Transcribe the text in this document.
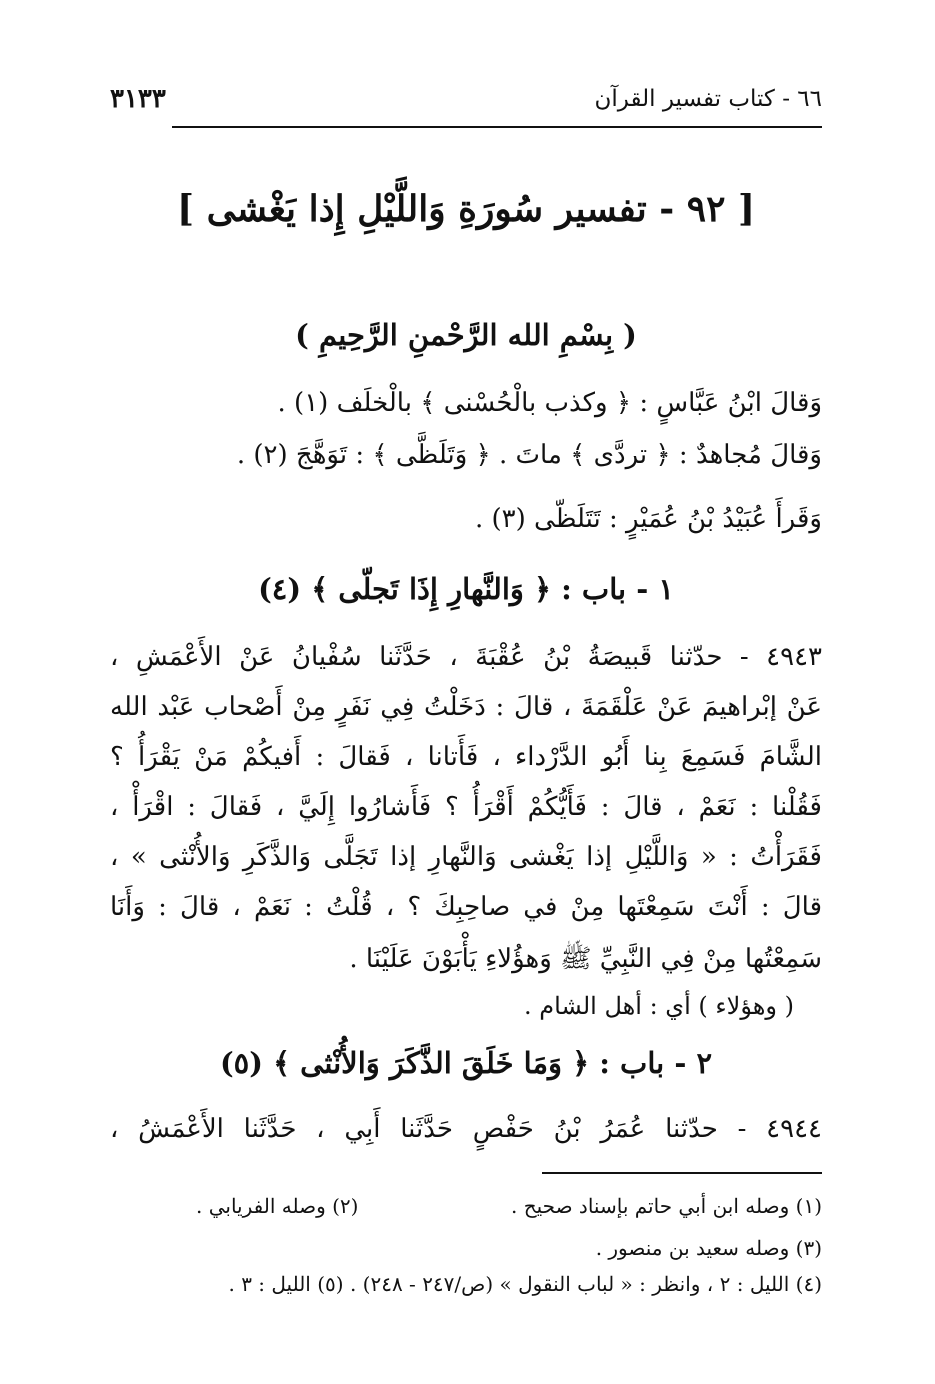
٦٦ - كتاب تفسير القرآن
٣١٣٣
[ ٩٢ - تفسير سُورَةِ وَاللَّيْلِ إِذا يَغْشى ]
( بِسْمِ الله الرَّحْمنِ الرَّحِيمِ )
وَقالَ ابْنُ عَبَّاسٍ : ﴿ وكذب بالْحُسْنى ﴾ بالْخلَف (١) .
وَقالَ مُجاهدٌ : ﴿ تردَّى ﴾ ماتَ . ﴿ وَتَلَظَّى ﴾ : تَوَهَّجَ (٢) .
وَقَرأَ عُبَيْدُ بْنُ عُمَيْرٍ : تَتَلَظّى (٣) .
١ - باب : ﴿ وَالنَّهارِ إِذَا تَجلّى ﴾ (٤)
٤٩٤٣ - حدّثنا قَبيصَةُ بْنُ عُقْبَةَ ، حَدَّثَنا سُفْيانُ عَنْ الأَعْمَشِ ،
عَنْ إبْراهيمَ عَنْ عَلْقَمَةَ ، قالَ : دَخَلْتُ فِي نَفَرٍ مِنْ أَصْحاب عَبْد الله
الشَّامَ فَسَمِعَ بِنا أَبُو الدَّرْداء ، فَأَتانا ، فَقالَ : أَفيكُمْ مَنْ يَقْرَأُ ؟
فَقُلْنا : نَعَمْ ، قالَ : فَأَيُّكُمْ أَقْرَأُ ؟ فَأَشارُوا إِلَيَّ ، فَقالَ : اقْرَأْ ،
فَقَرَأْتُ : « وَاللَّيْلِ إذا يَغْشى وَالنَّهارِ إذا تَجَلَّى وَالذَّكَرِ وَالأُنْثى » ،
قالَ : أَنْتَ سَمِعْتَها مِنْ في صاحِبِكَ ؟ ، قُلْتُ : نَعَمْ ، قالَ : وَأَنَا
سَمِعْتُها مِنْ فِي النَّبِيِّ ﷺ وَهؤُلاءِ يَأْبَوْنَ عَلَيْنَا .
( وهؤلاء ) أي : أهل الشام .
٢ - باب : ﴿ وَمَا خَلَقَ الذَّكَرَ وَالأُنْثى ﴾ (٥)
٤٩٤٤ - حدّثنا عُمَرُ بْنُ حَفْصٍ حَدَّثَنا أَبِي ، حَدَّثَنا الأَعْمَشُ ،
(١) وصله ابن أبي حاتم بإسناد صحيح .
(٢) وصله الفريابي .
(٣) وصله سعيد بن منصور .
(٤) الليل : ٢ ، وانظر : « لباب النقول » (ص/٢٤٧ - ٢٤٨) . (٥) الليل : ٣ .
